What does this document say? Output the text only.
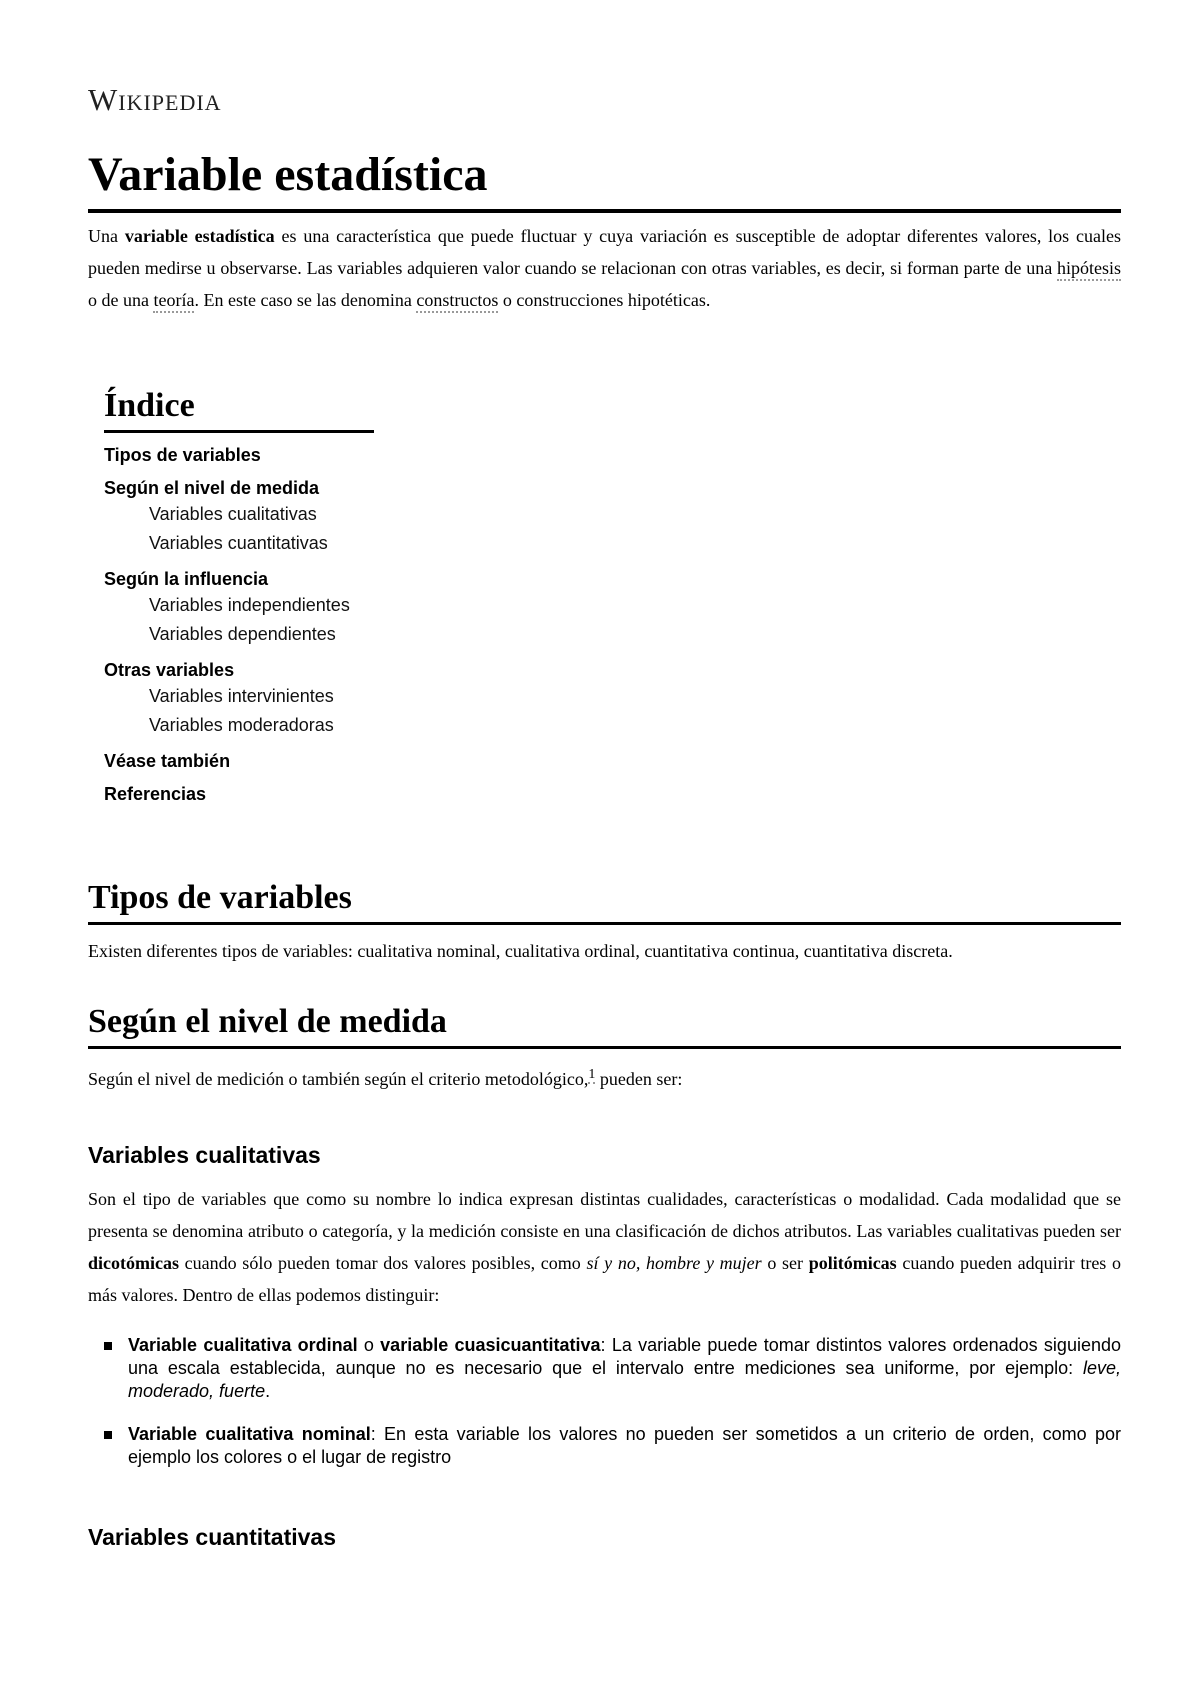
Wikipedia
Variable estadística

Una variable estadística es una característica que puede fluctuar y cuya variación es susceptible de adoptar diferentes valores, los cuales pueden medirse u observarse. Las variables adquieren valor cuando se relacionan con otras variables, es decir, si forman parte de una hipótesis o de una teoría. En este caso se las denomina constructos o construcciones hipotéticas.

Índice
Tipos de variables
Según el nivel de medida
Variables cualitativas
Variables cuantitativas
Según la influencia
Variables independientes
Variables dependientes
Otras variables
Variables intervinientes
Variables moderadoras
Véase también
Referencias
Tipos de variables

Existen diferentes tipos de variables: cualitativa nominal, cualitativa ordinal, cuantitativa continua, cuantitativa discreta.

Según el nivel de medida

Según el nivel de medición o también según el criterio metodológico,$^1$ pueden ser:

Variables cualitativas

Son el tipo de variables que como su nombre lo indica expresan distintas cualidades, características o modalidad. Cada modalidad que se presenta se denomina atributo o categoría, y la medición consiste en una clasificación de dichos atributos. Las variables cualitativas pueden ser dicotómicas cuando sólo pueden tomar dos valores posibles, como sí y no, hombre y mujer o ser politómicas cuando pueden adquirir tres o más valores. Dentro de ellas podemos distinguir:

Variable cualitativa ordinal o variable cuasicuantitativa: La variable puede tomar distintos valores ordenados siguiendo una escala establecida, aunque no es necesario que el intervalo entre mediciones sea uniforme, por ejemplo: leve, moderado, fuerte.
Variable cualitativa nominal: En esta variable los valores no pueden ser sometidos a un criterio de orden, como por ejemplo los colores o el lugar de registro
Variables cuantitativas
